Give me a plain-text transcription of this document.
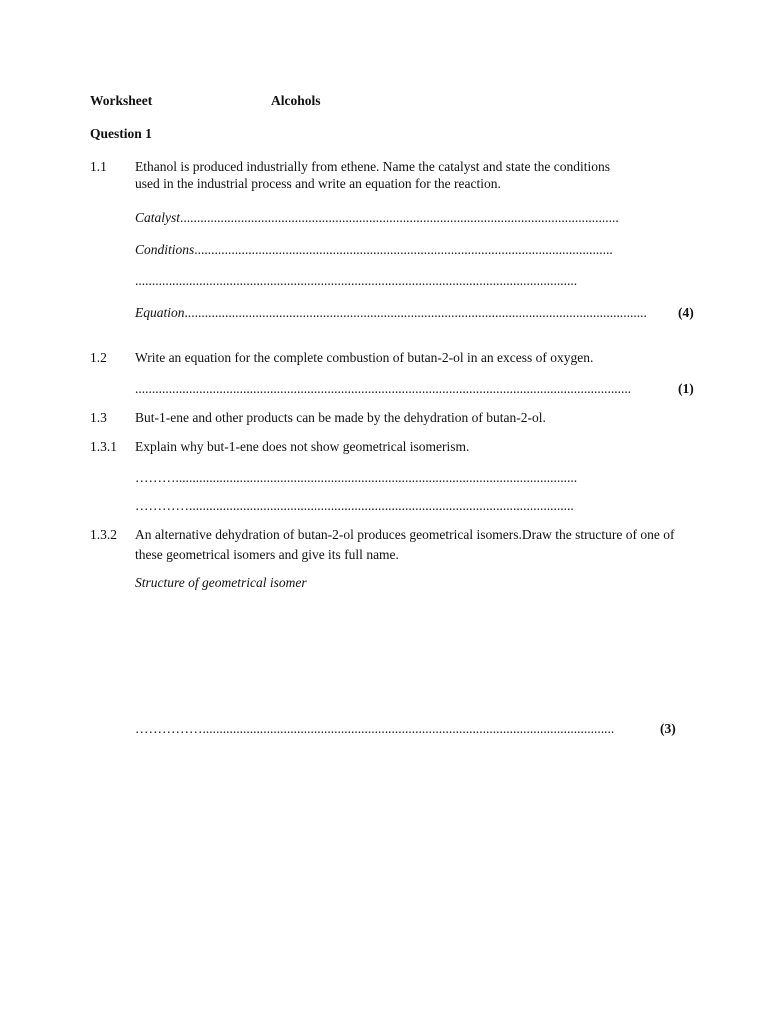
Worksheet	Alcohols
Question 1
1.1 Ethanol is produced industrially from ethene. Name the catalyst and state the conditions
used in the industrial process and write an equation for the reaction.
Catalyst..................................................................................................................................
Conditions............................................................................................................................
...................................................................................................................................
Equation......................................................................................................................................... (4)
1.2 Write an equation for the complete combustion of butan-2-ol in an excess of oxygen.
...................................................................................................................................................	(1)
1.3 But-1-ene and other products can be made by the dehydration of butan-2-ol.
1.3.1 Explain why but-1-ene does not show geometrical isomerism.
……….......................................................................................................................
…………..................................................................................................................
1.3.2 An alternative dehydration of butan-2-ol produces geometrical isomers.Draw the structure of one of
these geometrical isomers and give its full name.
Structure of geometrical isomer
……………..........................................................................................................................	(3)
